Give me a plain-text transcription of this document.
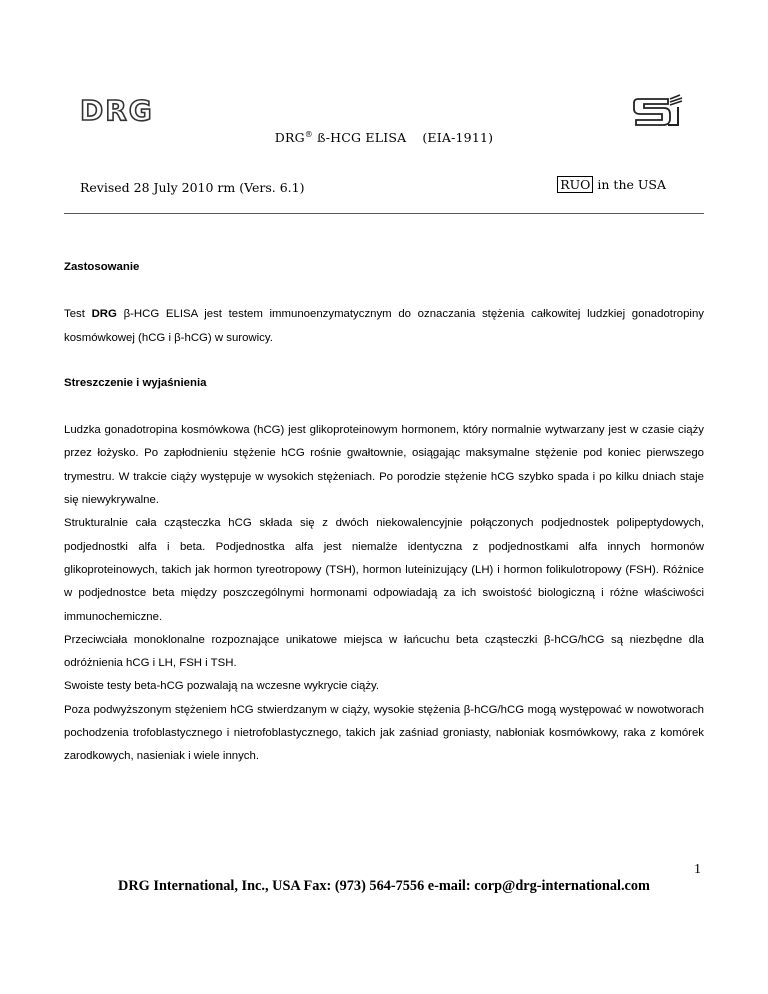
DRG
DRG® ß-HCG ELISA (EIA-1911)
Revised 28 July 2010 rm (Vers. 6.1)	RUO in the USA

Zastosowanie

Test DRG β-HCG ELISA jest testem immunoenzymatycznym do oznaczania stężenia całkowitej ludzkiej gonadotropiny kosmówkowej (hCG i β-hCG) w surowicy.

Streszczenie i wyjaśnienia

Ludzka gonadotropina kosmówkowa (hCG) jest glikoproteinowym hormonem, który normalnie wytwarzany jest w czasie ciąży przez łożysko. Po zapłodnieniu stężenie hCG rośnie gwałtownie, osiągając maksymalne stężenie pod koniec pierwszego trymestru. W trakcie ciąży występuje w wysokich stężeniach. Po porodzie stężenie hCG szybko spada i po kilku dniach staje się niewykrywalne.

Strukturalnie cała cząsteczka hCG składa się z dwóch niekowalencyjnie połączonych podjednostek polipeptydowych, podjednostki alfa i beta. Podjednostka alfa jest niemalże identyczna z podjednostkami alfa innych hormonów glikoproteinowych, takich jak hormon tyreotropowy (TSH), hormon luteinizujący (LH) i hormon folikulotropowy (FSH). Różnice w podjednostce beta między poszczególnymi hormonami odpowiadają za ich swoistość biologiczną i różne właściwości immunochemiczne.

Przeciwciała monoklonalne rozpoznające unikatowe miejsca w łańcuchu beta cząsteczki β-hCG/hCG są niezbędne dla odróżnienia hCG i LH, FSH i TSH.

Swoiste testy beta-hCG pozwalają na wczesne wykrycie ciąży.

Poza podwyższonym stężeniem hCG stwierdzanym w ciąży, wysokie stężenia β-hCG/hCG mogą występować w nowotworach pochodzenia trofoblastycznego i nietrofoblastycznego, takich jak zaśniad groniasty, nabłoniak kosmówkowy, raka z komórek zarodkowych, nasieniak i wiele innych.

1
DRG International, Inc., USA Fax: (973) 564-7556 e-mail: corp@drg-international.com
